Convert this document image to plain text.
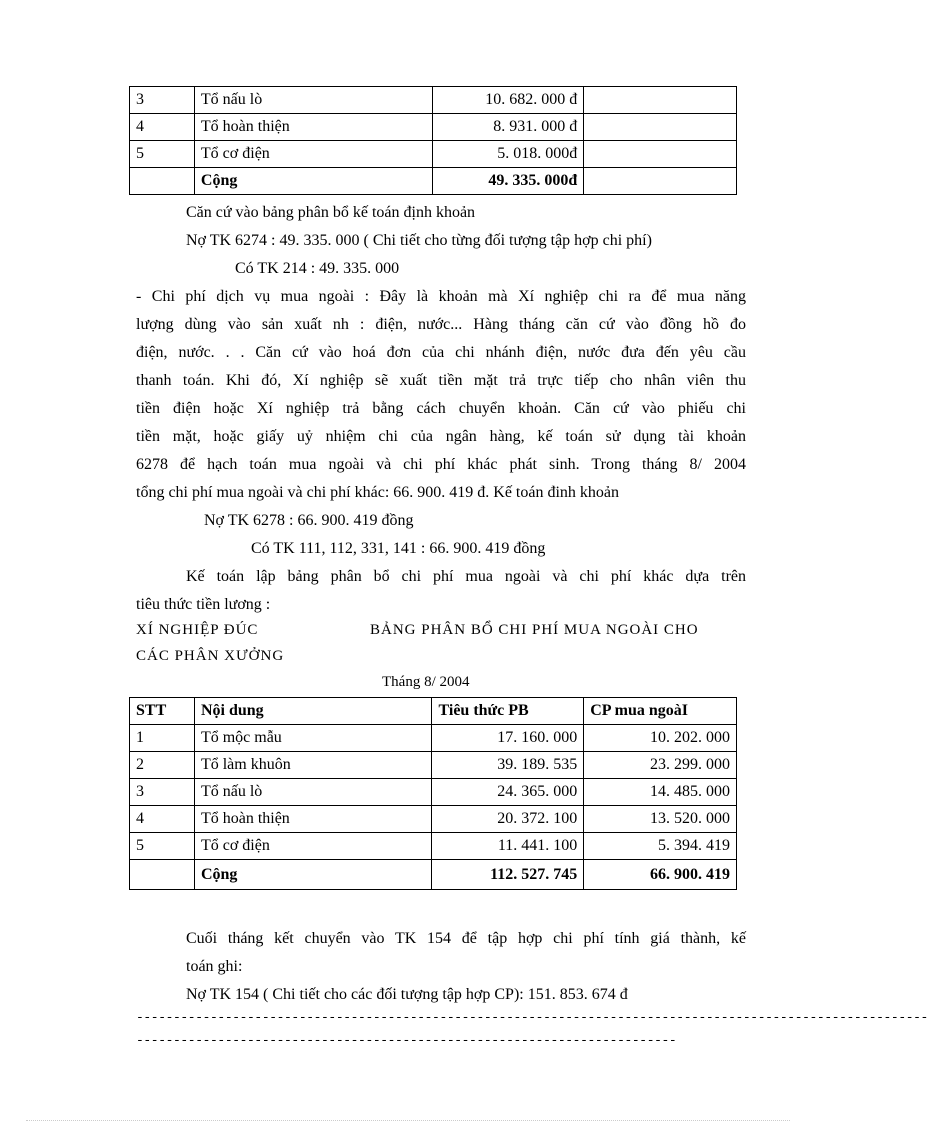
3	Tổ nấu lò	10. 682. 000 đ	
4	Tổ hoàn thiện	8. 931. 000 đ	
5	Tổ cơ điện	5. 018. 000đ	
	Cộng	49. 335. 000đ	
Căn cứ vào bảng phân bổ kế toán định khoản
Nợ TK 6274 : 49. 335. 000 ( Chi tiết cho từng đối tượng tập hợp chi phí)
Có TK 214 : 49. 335. 000
- Chi phí dịch vụ mua ngoài : Đây là khoản mà Xí nghiệp chi ra để mua năng
lượng dùng vào sản xuất nh : điện, nước... Hàng tháng căn cứ vào đồng hồ đo
điện, nước. . . Căn cứ vào hoá đơn của chi nhánh điện, nước đưa đến yêu cầu
thanh toán. Khi đó, Xí nghiệp sẽ xuất tiền mặt trả trực tiếp cho nhân viên thu
tiền điện hoặc Xí nghiệp trả bằng cách chuyển khoản. Căn cứ vào phiếu chi
tiền mặt, hoặc giấy uỷ nhiệm chi của ngân hàng, kế toán sử dụng tài khoản
6278 để hạch toán mua ngoài và chi phí khác phát sinh. Trong tháng 8/ 2004
tổng chi phí mua ngoài và chi phí khác: 66. 900. 419 đ. Kế toán đinh khoản
Nợ TK 6278 : 66. 900. 419 đồng
Có TK 111, 112, 331, 141 : 66. 900. 419 đồng
Kế toán lập bảng phân bổ chi phí mua ngoài và chi phí khác dựa trên
tiêu thức tiền lương :
XÍ NGHIỆP ĐÚC	BẢNG PHÂN BỔ CHI PHÍ MUA NGOÀI CHO
CÁC PHÂN XƯỞNG
Tháng 8/ 2004
STT	Nội dung	Tiêu thức PB	CP mua ngoàI
1	Tổ mộc mẫu	17. 160. 000	10. 202. 000
2	Tổ làm khuôn	39. 189. 535	23. 299. 000
3	Tổ nấu lò	24. 365. 000	14. 485. 000
4	Tổ hoàn thiện	20. 372. 100	13. 520. 000
5	Tổ cơ điện	11. 441. 100	5. 394. 419
	Cộng	112. 527. 745	66. 900. 419
Cuối tháng kết chuyển vào TK 154 để tập hợp chi phí tính giá thành, kế
toán ghi:
Nợ TK 154 ( Chi tiết cho các đối tượng tập hợp CP): 151. 853. 674 đ
-----------------------------------------------------------------------------------------------------------
-------------------------------------------------------------------------
